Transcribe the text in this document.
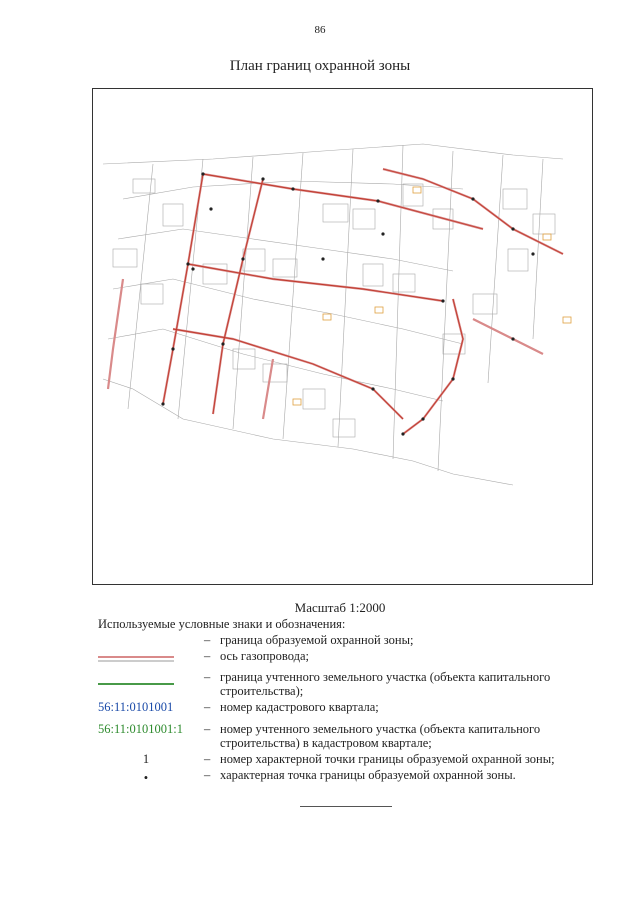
86
План границ охранной зоны
Масштаб 1:2000
Используемые условные знаки и обозначения:
– граница образуемой охранной зоны;
– ось газопровода;
– граница учтенного земельного участка (объекта капитального строительства);
56:11:0101001	– номер кадастрового квартала;
56:11:0101001:1	– номер учтенного земельного участка (объекта капитального строительства) в кадастровом квартале;
1	– номер характерной точки границы образуемой охранной зоны;
•	– характерная точка границы образуемой охранной зоны.
